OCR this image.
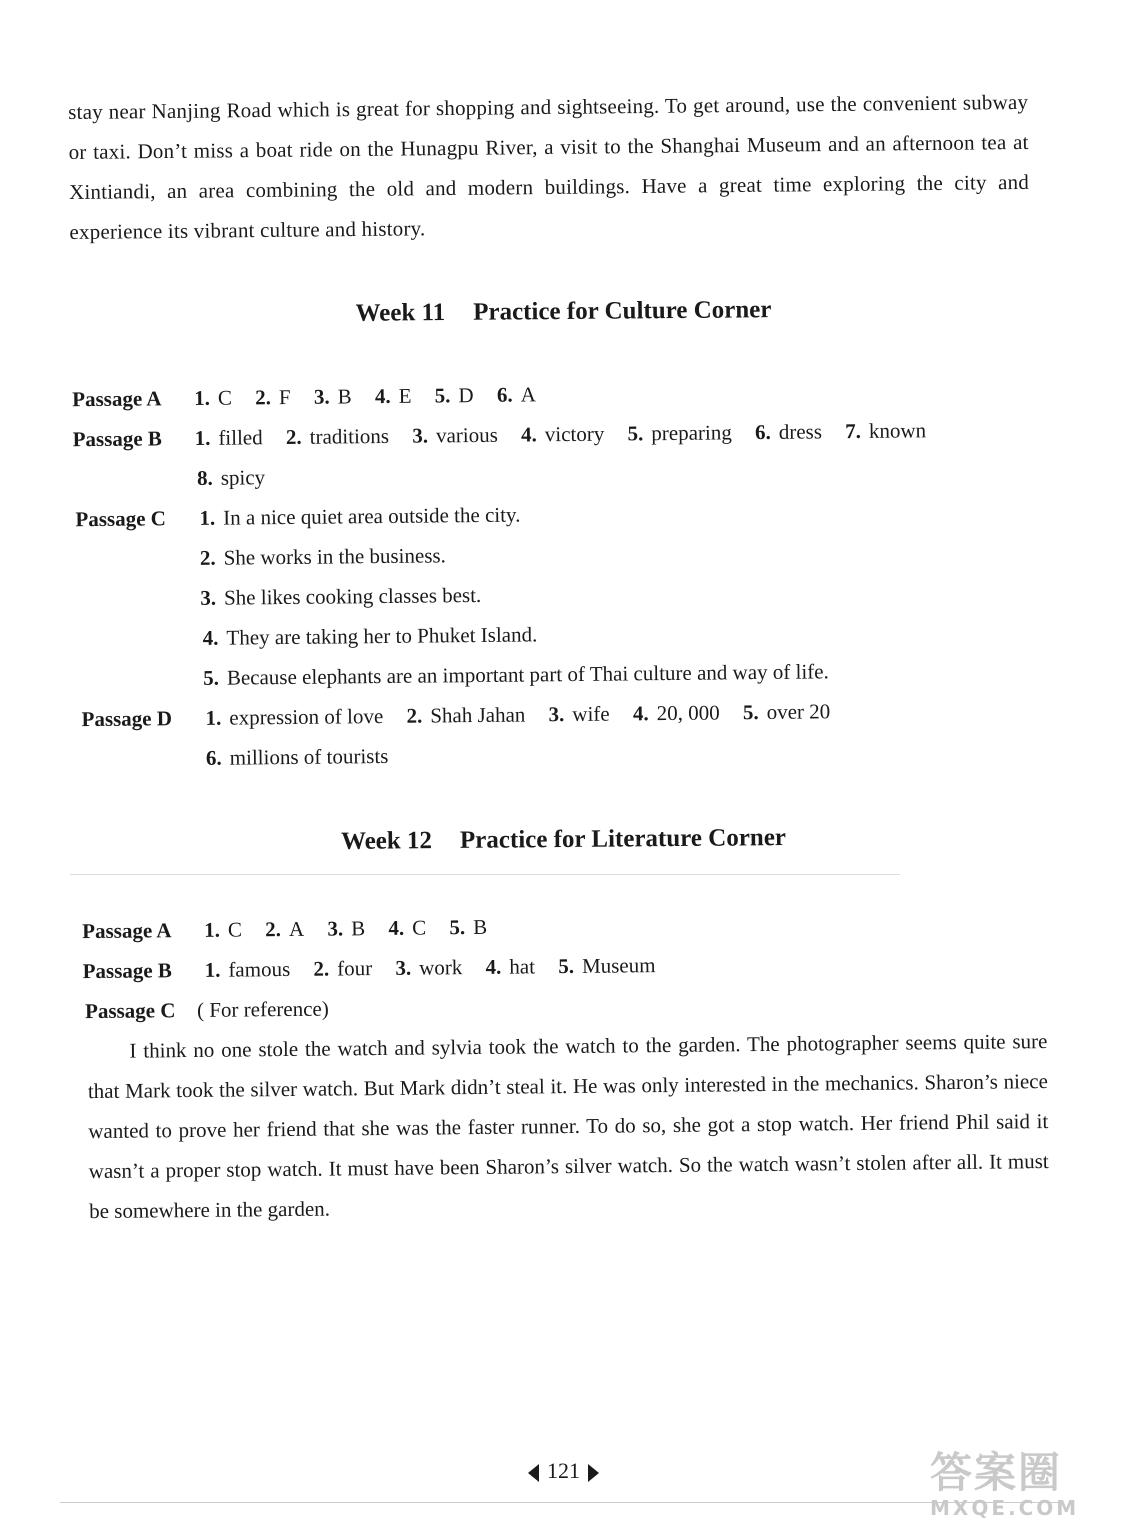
stay near Nanjing Road which is great for shopping and sightseeing. To get around, use the convenient subway or taxi. Don’t miss a boat ride on the Hunagpu River, a visit to the Shanghai Museum and an afternoon tea at Xintiandi, an area combining the old and modern buildings. Have a great time exploring the city and experience its vibrant culture and history.
Week 11 Practice for Culture Corner
Passage A 1. C 2. F 3. B 4. E 5. D 6. A
Passage B 1. filled 2. traditions 3. various 4. victory 5. preparing 6. dress 7. known
8. spicy
Passage C 1. In a nice quiet area outside the city.
2. She works in the business.
3. She likes cooking classes best.
4. They are taking her to Phuket Island.
5. Because elephants are an important part of Thai culture and way of life.
Passage D 1. expression of love 2. Shah Jahan 3. wife 4. 20, 000 5. over 20
6. millions of tourists
Week 12 Practice for Literature Corner
Passage A 1. C 2. A 3. B 4. C 5. B
Passage B 1. famous 2. four 3. work 4. hat 5. Museum
Passage C ( For reference)
I think no one stole the watch and sylvia took the watch to the garden. The photographer seems quite sure that Mark took the silver watch. But Mark didn’t steal it. He was only interested in the mechanics. Sharon’s niece wanted to prove her friend that she was the faster runner. To do so, she got a stop watch. Her friend Phil said it wasn’t a proper stop watch. It must have been Sharon’s silver watch. So the watch wasn’t stolen after all. It must be somewhere in the garden.
121	答案圈
MXQE.COM
